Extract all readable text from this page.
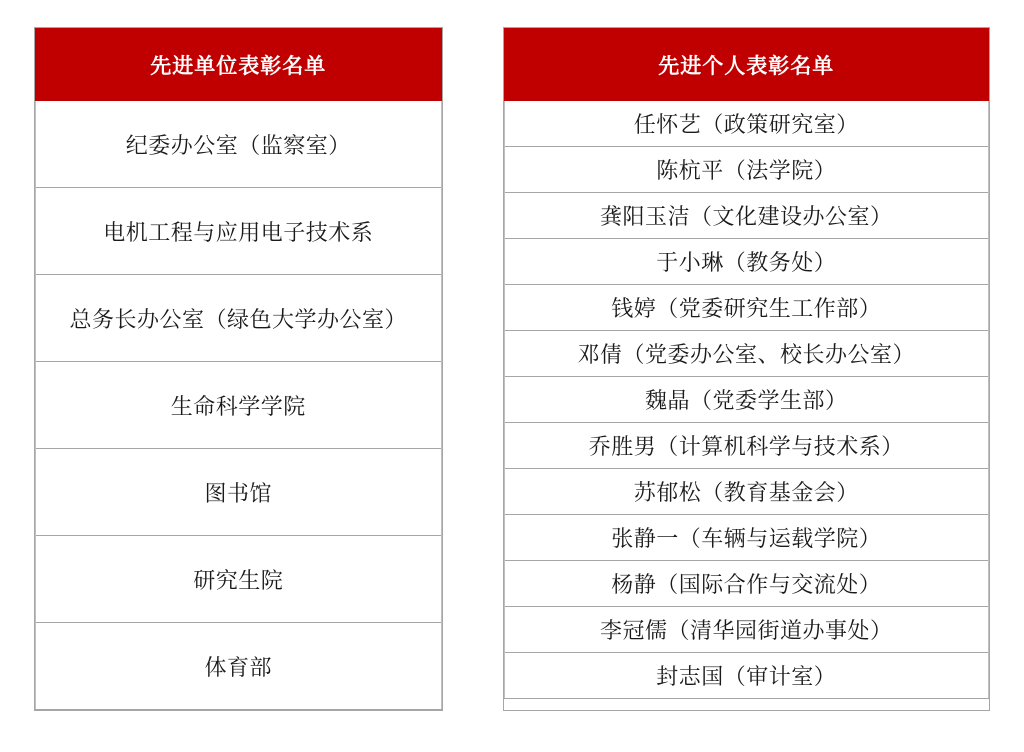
先进单位表彰名单
纪委办公室（监察室）
电机工程与应用电子技术系
总务长办公室（绿色大学办公室）
生命科学学院
图书馆
研究生院
体育部
先进个人表彰名单
任怀艺（政策研究室）
陈杭平（法学院）
龚阳玉洁（文化建设办公室）
于小琳（教务处）
钱婷（党委研究生工作部）
邓倩（党委办公室、校长办公室）
魏晶（党委学生部）
乔胜男（计算机科学与技术系）
苏郁松（教育基金会）
张静一（车辆与运载学院）
杨静（国际合作与交流处）
李冠儒（清华园街道办事处）
封志国（审计室）
